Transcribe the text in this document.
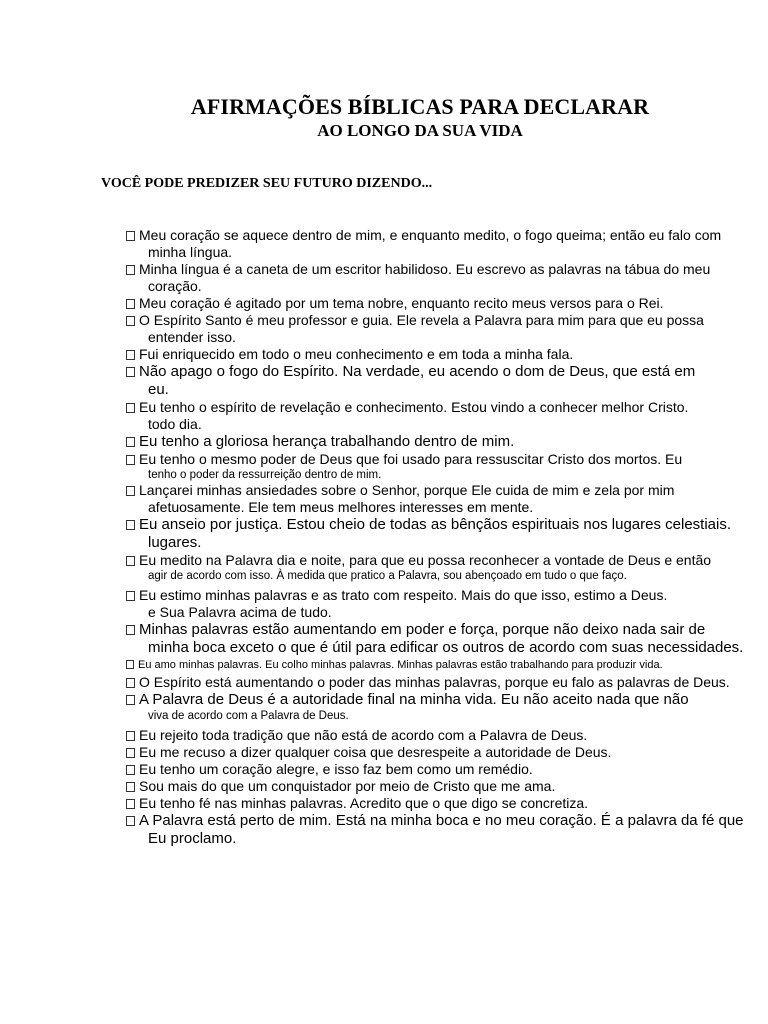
AFIRMAÇÕES BÍBLICAS PARA DECLARAR
AO LONGO DA SUA VIDA
VOCÊ PODE PREDIZER SEU FUTURO DIZENDO...
Meu coração se aquece dentro de mim, e enquanto medito, o fogo queima; então eu falo com
minha língua.
Minha língua é a caneta de um escritor habilidoso. Eu escrevo as palavras na tábua do meu
coração.
Meu coração é agitado por um tema nobre, enquanto recito meus versos para o Rei.
O Espírito Santo é meu professor e guia. Ele revela a Palavra para mim para que eu possa
entender isso.
Fui enriquecido em todo o meu conhecimento e em toda a minha fala.
Não apago o fogo do Espírito. Na verdade, eu acendo o dom de Deus, que está em
eu.
Eu tenho o espírito de revelação e conhecimento. Estou vindo a conhecer melhor Cristo.
todo dia.
Eu tenho a gloriosa herança trabalhando dentro de mim.
Eu tenho o mesmo poder de Deus que foi usado para ressuscitar Cristo dos mortos. Eu
tenho o poder da ressurreição dentro de mim.
Lançarei minhas ansiedades sobre o Senhor, porque Ele cuida de mim e zela por mim
afetuosamente. Ele tem meus melhores interesses em mente.
Eu anseio por justiça. Estou cheio de todas as bênçãos espirituais nos lugares celestiais.
lugares.
Eu medito na Palavra dia e noite, para que eu possa reconhecer a vontade de Deus e então
agir de acordo com isso. À medida que pratico a Palavra, sou abençoado em tudo o que faço.
Eu estimo minhas palavras e as trato com respeito. Mais do que isso, estimo a Deus.
e Sua Palavra acima de tudo.
Minhas palavras estão aumentando em poder e força, porque não deixo nada sair de
minha boca exceto o que é útil para edificar os outros de acordo com suas necessidades.
Eu amo minhas palavras. Eu colho minhas palavras. Minhas palavras estão trabalhando para produzir vida.
O Espírito está aumentando o poder das minhas palavras, porque eu falo as palavras de Deus.
A Palavra de Deus é a autoridade final na minha vida. Eu não aceito nada que não
viva de acordo com a Palavra de Deus.
Eu rejeito toda tradição que não está de acordo com a Palavra de Deus.
Eu me recuso a dizer qualquer coisa que desrespeite a autoridade de Deus.
Eu tenho um coração alegre, e isso faz bem como um remédio.
Sou mais do que um conquistador por meio de Cristo que me ama.
Eu tenho fé nas minhas palavras. Acredito que o que digo se concretiza.
A Palavra está perto de mim. Está na minha boca e no meu coração. É a palavra da fé que
Eu proclamo.
